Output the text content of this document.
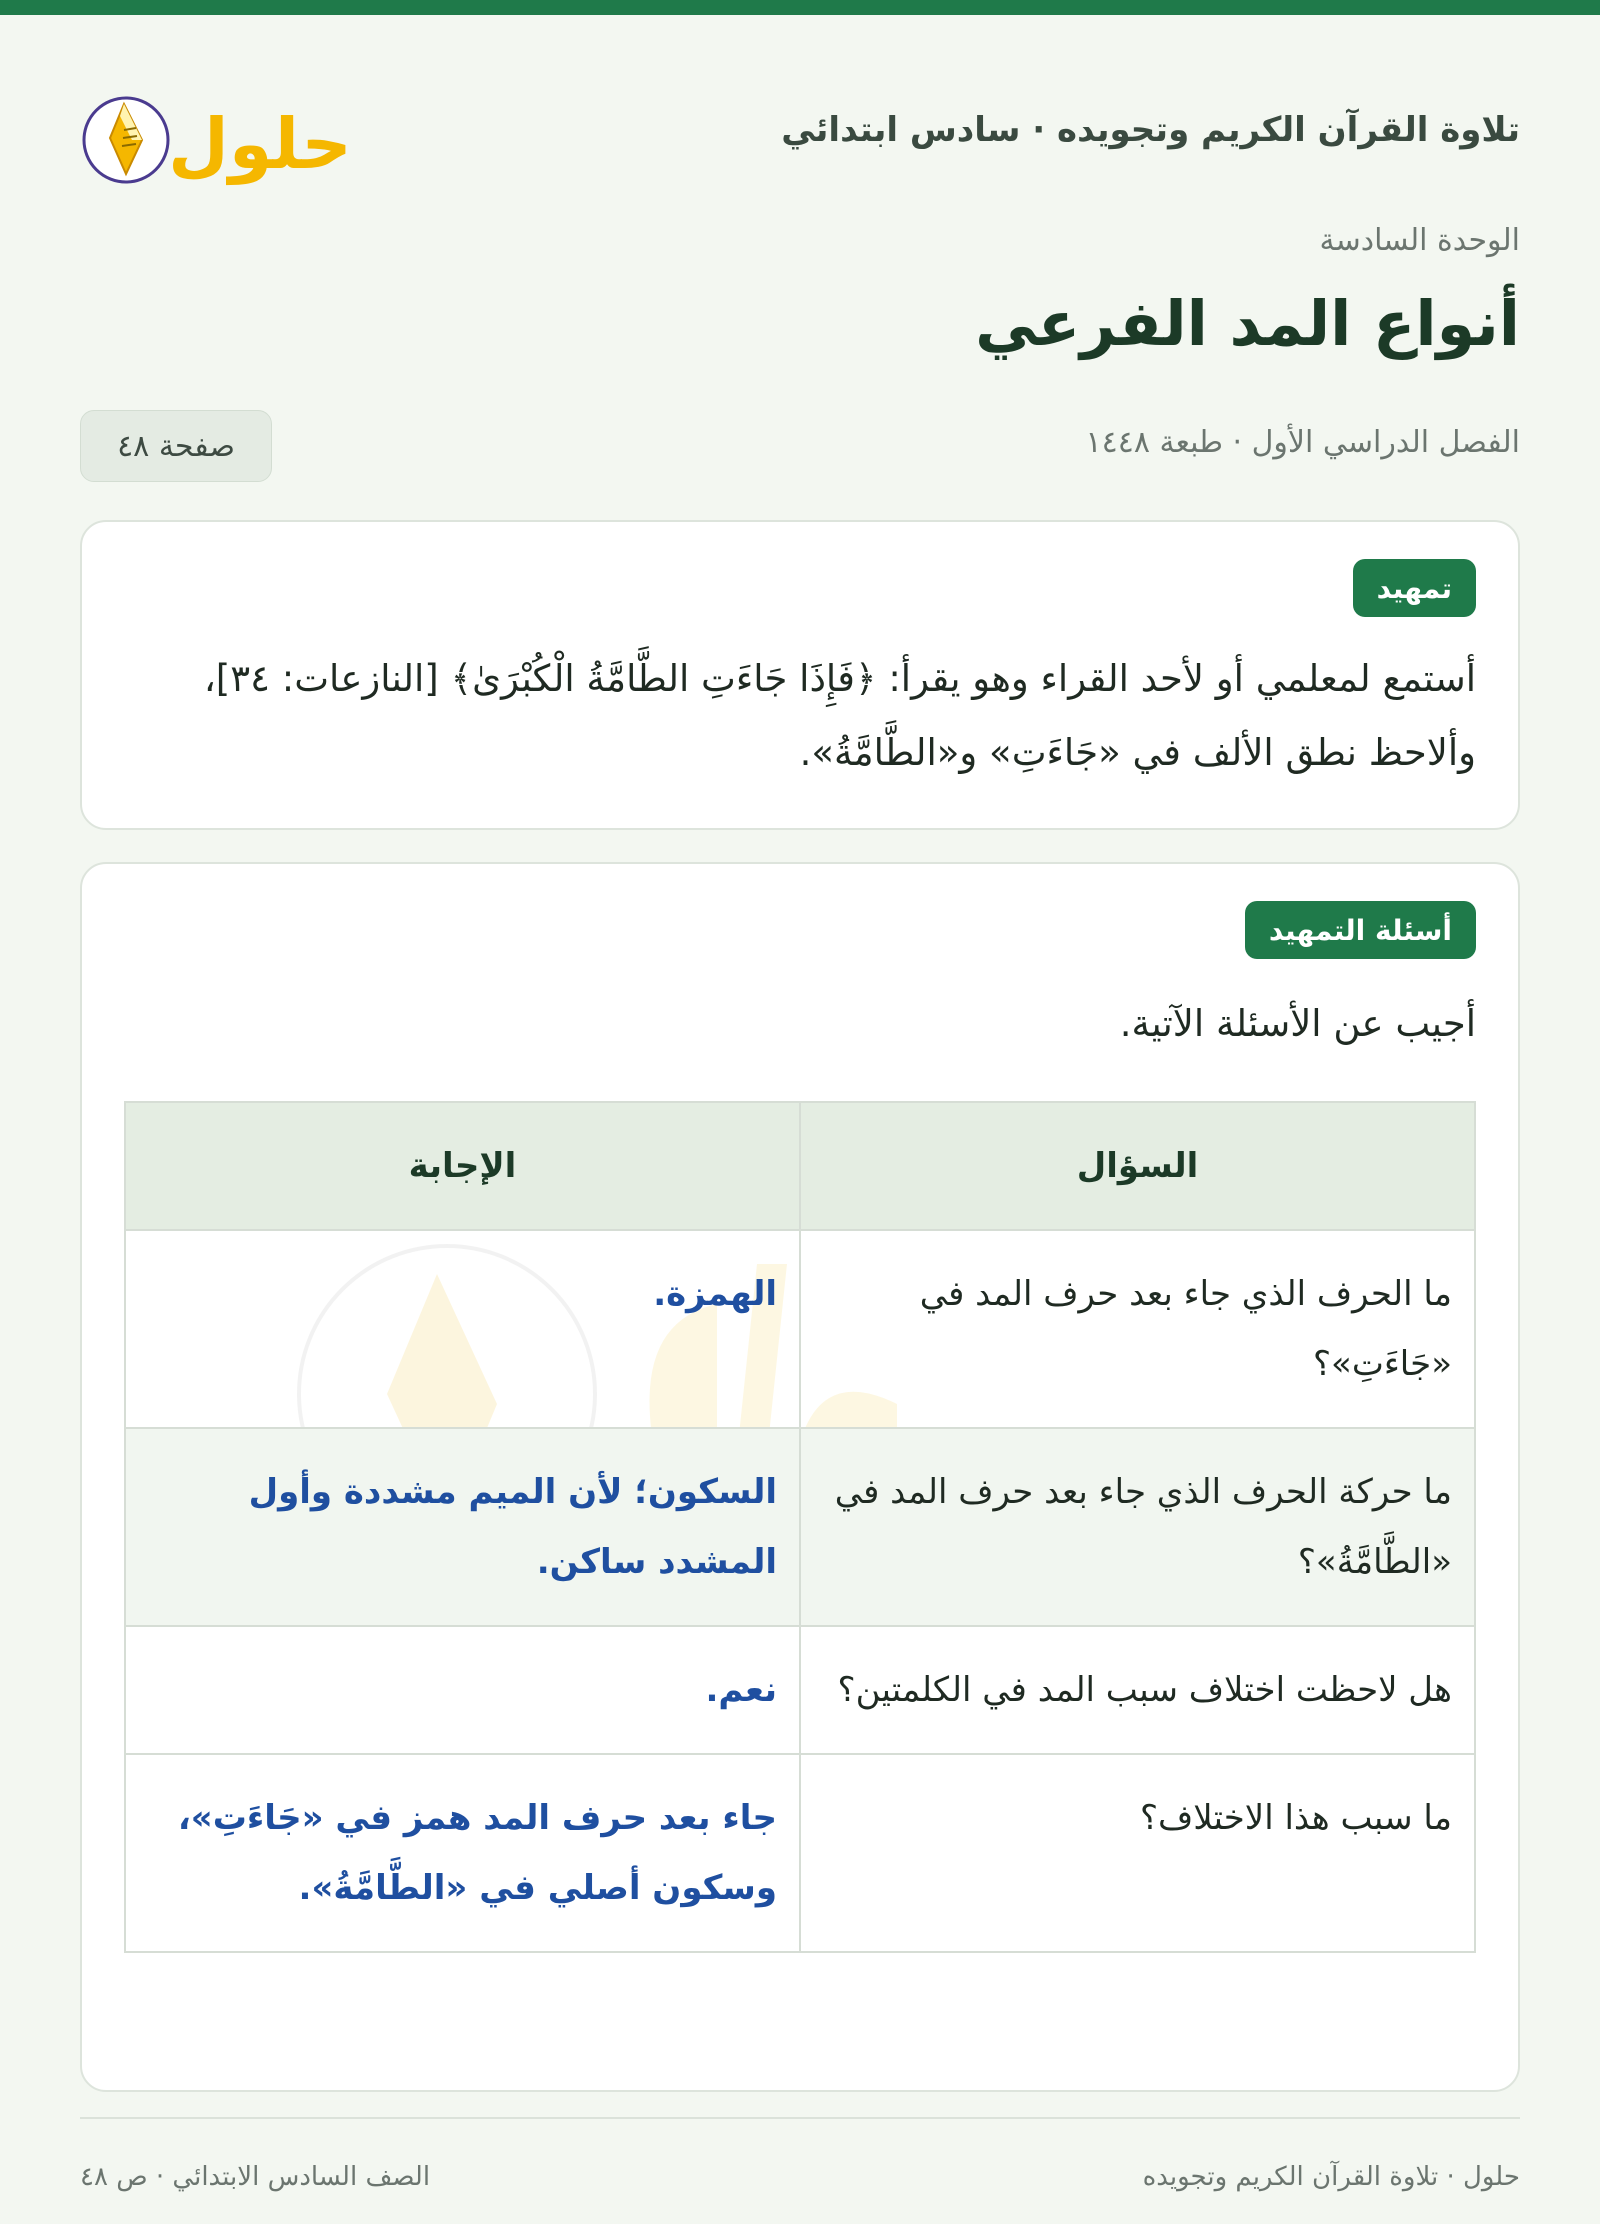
تلاوة القرآن الكريم وتجويده · سادس ابتدائي
حلول
الوحدة السادسة
أنواع المد الفرعي
الفصل الدراسي الأول · طبعة ١٤٤٨
صفحة ٤٨
تمهيد
أستمع لمعلمي أو لأحد القراء وهو يقرأ: ﴿فَإِذَا جَاءَتِ الطَّامَّةُ الْكُبْرَىٰ﴾ [النازعات: ٣٤]، وألاحظ نطق الألف في «جَاءَتِ» و«الطَّامَّةُ».
أسئلة التمهيد
أجيب عن الأسئلة الآتية.
السؤال	الإجابة
ما الحرف الذي جاء بعد حرف المد في «جَاءَتِ»؟	الهمزة.
ما حركة الحرف الذي جاء بعد حرف المد في «الطَّامَّةُ»؟	السكون؛ لأن الميم مشددة وأول المشدد ساكن.
هل لاحظت اختلاف سبب المد في الكلمتين؟	نعم.
ما سبب هذا الاختلاف؟	جاء بعد حرف المد همز في «جَاءَتِ»، وسكون أصلي في «الطَّامَّةُ».
حلول · تلاوة القرآن الكريم وتجويده
الصف السادس الابتدائي · ص ٤٨
